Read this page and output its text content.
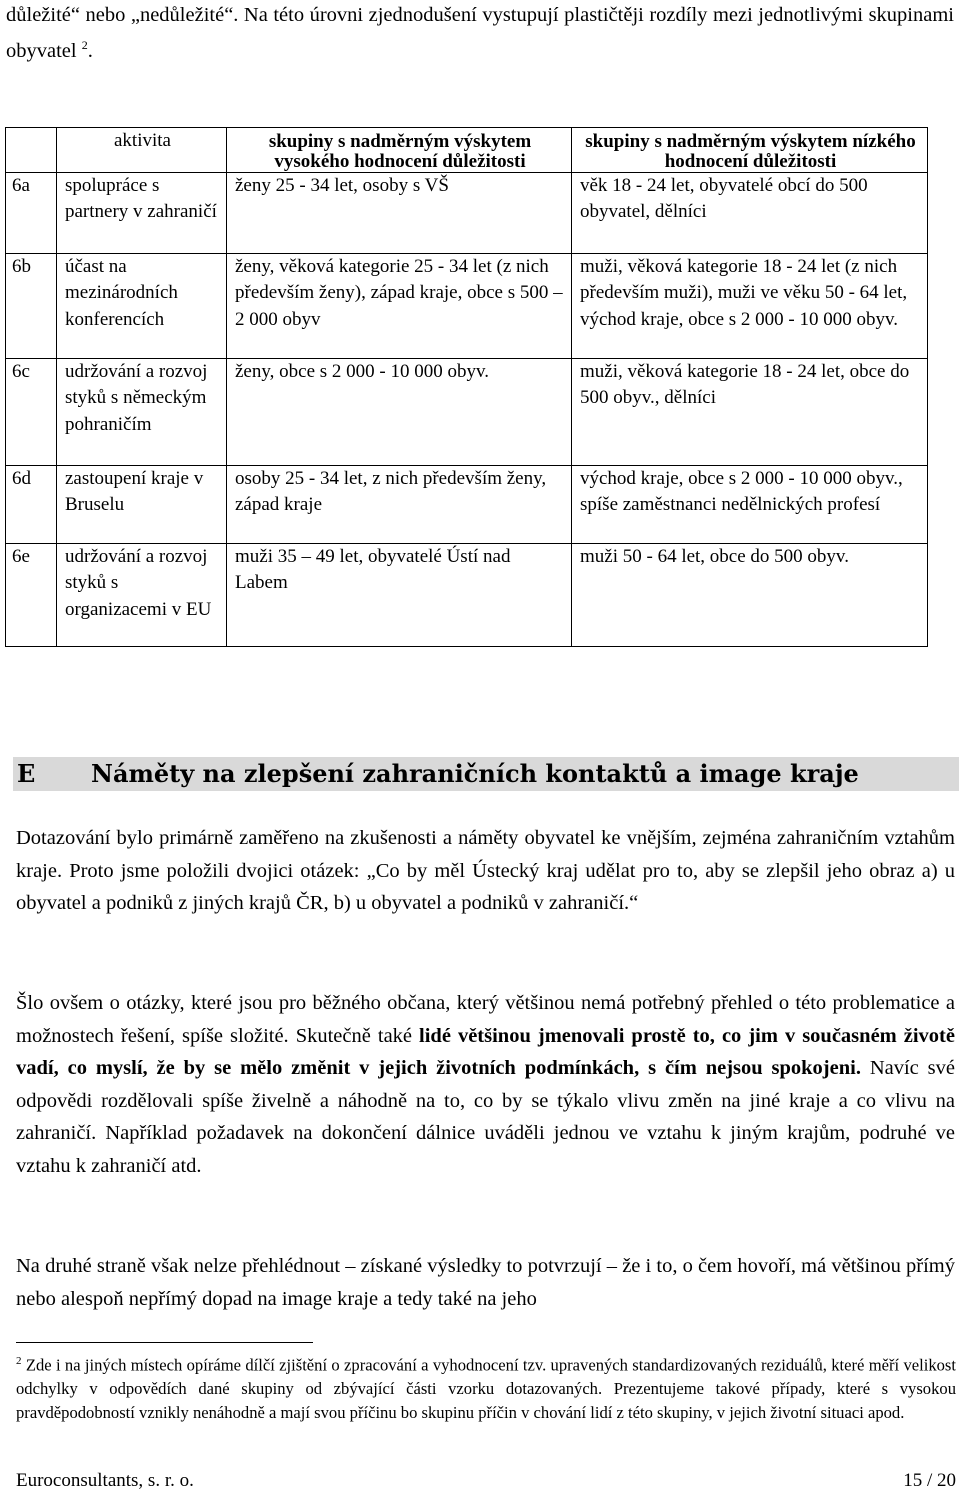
důležité“ nebo „nedůležité“. Na této úrovni zjednodušení vystupují plastičtěji rozdíly mezi jednotlivými skupinami obyvatel $^2$.
	aktivita	skupiny s nadměrným výskytem vysokého hodnocení důležitosti	skupiny s nadměrným výskytem nízkého hodnocení důležitosti
6a	spolupráce s partnery v zahraničí	ženy 25 - 34 let, osoby s VŠ	věk 18 - 24 let, obyvatelé obcí do 500 obyvatel, dělníci
6b	účast na mezinárodních konferencích	ženy, věková kategorie 25 - 34 let (z nich především ženy), západ kraje, obce s 500 – 2 000 obyv	muži, věková kategorie 18 - 24 let (z nich především muži), muži ve věku 50 - 64 let, východ kraje, obce s 2 000 - 10 000 obyv.
6c	udržování a rozvoj styků s německým pohraničím	ženy, obce s 2 000 - 10 000 obyv.	muži, věková kategorie 18 - 24 let, obce do 500 obyv., dělníci
6d	zastoupení kraje v Bruselu	osoby 25 - 34 let, z nich především ženy, západ kraje	východ kraje, obce s 2 000 - 10 000 obyv., spíše zaměstnanci nedělnických profesí
6e	udržování a rozvoj styků s organizacemi v EU	muži 35 – 49 let, obyvatelé Ústí nad Labem	muži 50 - 64 let, obce do 500 obyv.
E Náměty na zlepšení zahraničních kontaktů a image kraje
Dotazování bylo primárně zaměřeno na zkušenosti a náměty obyvatel ke vnějším, zejména zahraničním vztahům kraje. Proto jsme položili dvojici otázek: „Co by měl Ústecký kraj udělat pro to, aby se zlepšil jeho obraz a) u obyvatel a podniků z jiných krajů ČR, b) u obyvatel a podniků v zahraničí.“
Šlo ovšem o otázky, které jsou pro běžného občana, který většinou nemá potřebný přehled o této problematice a možnostech řešení, spíše složité. Skutečně také lidé většinou jmenovali prostě to, co jim v současném životě vadí, co myslí, že by se mělo změnit v jejich životních podmínkách, s čím nejsou spokojeni. Navíc své odpovědi rozdělovali spíše živelně a náhodně na to, co by se týkalo vlivu změn na jiné kraje a co vlivu na zahraničí. Například požadavek na dokončení dálnice uváděli jednou ve vztahu k jiným krajům, podruhé ve vztahu k zahraničí atd.
Na druhé straně však nelze přehlédnout – získané výsledky to potvrzují – že i to, o čem hovoří, má většinou přímý nebo alespoň nepřímý dopad na image kraje a tedy také na jeho
$^2$ Zde i na jiných místech opíráme dílčí zjištění o zpracování a vyhodnocení tzv. upravených standardizovaných reziduálů, které měří velikost odchylky v odpovědích dané skupiny od zbývající části vzorku dotazovaných. Prezentujeme takové případy, které s vysokou pravděpodobností vznikly nenáhodně a mají svou příčinu bo skupinu příčin v chování lidí z této skupiny, v jejich životní situaci apod.
Euroconsultants, s. r. o.	15 / 20
